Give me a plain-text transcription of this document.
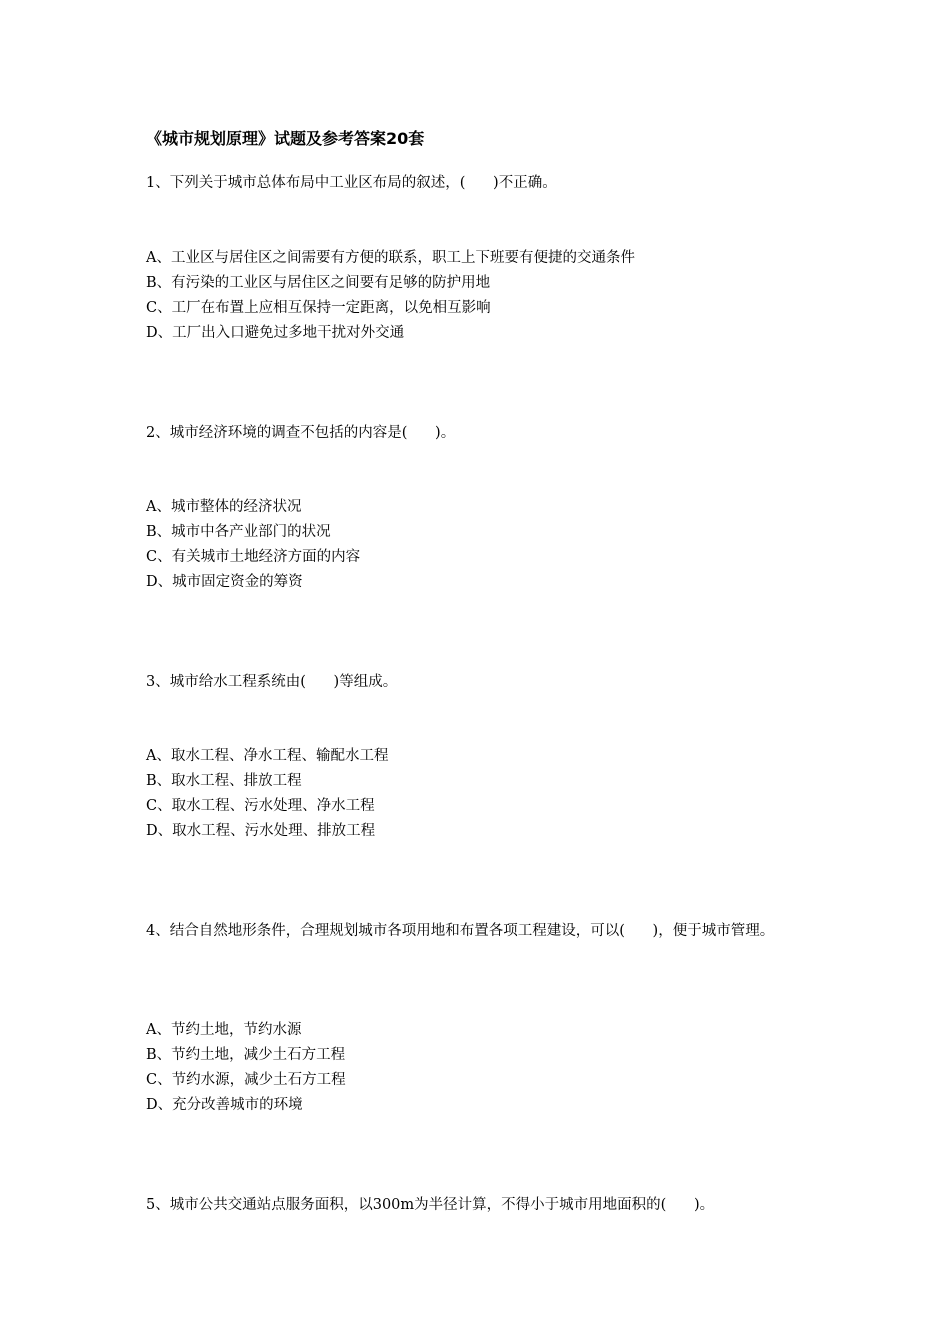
《城市规划原理》试题及参考答案20套
1、下列关于城市总体布局中工业区布局的叙述，(      )不正确。
A、工业区与居住区之间需要有方便的联系，职工上下班要有便捷的交通条件
B、有污染的工业区与居住区之间要有足够的防护用地
C、工厂在布置上应相互保持一定距离，以免相互影响
D、工厂出入口避免过多地干扰对外交通
2、城市经济环境的调查不包括的内容是(      )。
A、城市整体的经济状况
B、城市中各产业部门的状况
C、有关城市土地经济方面的内容
D、城市固定资金的筹资
3、城市给水工程系统由(      )等组成。
A、取水工程、净水工程、输配水工程
B、取水工程、排放工程
C、取水工程、污水处理、净水工程
D、取水工程、污水处理、排放工程
4、结合自然地形条件，合理规划城市各项用地和布置各项工程建设，可以(      )，便于城市管理。
A、节约土地，节约水源
B、节约土地，减少土石方工程
C、节约水源，减少土石方工程
D、充分改善城市的环境
5、城市公共交通站点服务面积，以300m为半径计算，不得小于城市用地面积的(      )。
